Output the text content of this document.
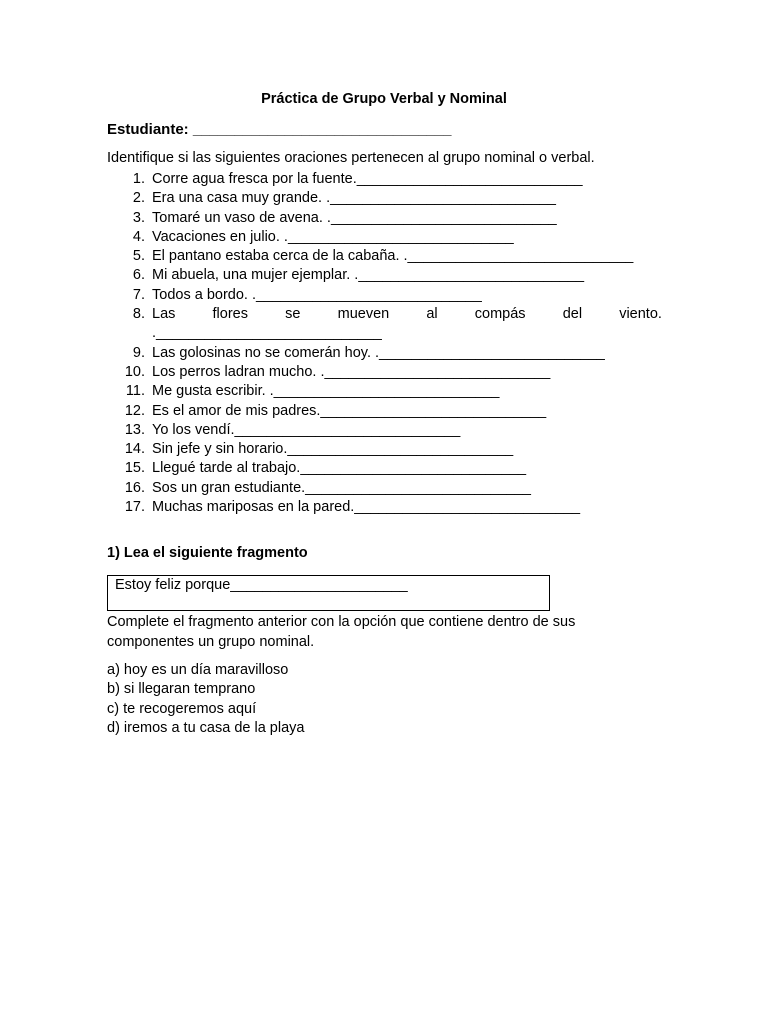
Práctica de Grupo Verbal y Nominal
Estudiante: _______________________________
Identifique si las siguientes oraciones pertenecen al grupo nominal o verbal.
1. Corre agua fresca por la fuente.____________________________
2. Era una casa muy grande. .____________________________
3. Tomaré un vaso de avena. .____________________________
4. Vacaciones en julio. .____________________________
5. El pantano estaba cerca de la cabaña. .____________________________
6. Mi abuela, una mujer ejemplar. .____________________________
7. Todos a bordo. .____________________________
8. Las	flores	se	mueven	al	compás	del	viento.
.____________________________
9. Las golosinas no se comerán hoy. .____________________________
10. Los perros ladran mucho. .____________________________
11. Me gusta escribir. .____________________________
12. Es el amor de mis padres.____________________________
13. Yo los vendí.____________________________
14. Sin jefe y sin horario.____________________________
15. Llegué tarde al trabajo.____________________________
16. Sos un gran estudiante.____________________________
17. Muchas mariposas en la pared.____________________________
1) Lea el siguiente fragmento
Estoy feliz porque______________________
Complete el fragmento anterior con la opción que contiene dentro de sus componentes un grupo nominal.
a) hoy es un día maravilloso
b) si llegaran temprano
c) te recogeremos aquí
d) iremos a tu casa de la playa
